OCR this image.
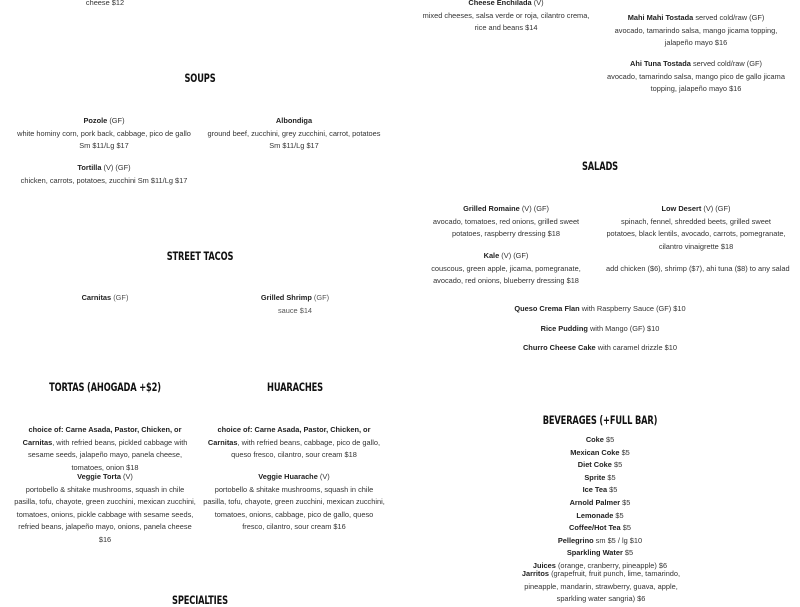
cheese $12	Cheese Enchilada (V)
mixed cheeses, salsa verde or roja, cilantro crema, rice and beans $14
Mahi Mahi Tostada served cold/raw (GF)
avocado, tamarindo salsa, mango jicama topping, jalapeño mayo $16
Ahi Tuna Tostada served cold/raw (GF)
avocado, tamarindo salsa, mango pico de gallo jicama topping, jalapeño mayo $16
SOUPS
Pozole (GF)
white hominy corn, pork back, cabbage, pico de gallo Sm $11/Lg $17
Albondiga
ground beef, zucchini, grey zucchini, carrot, potatoes Sm $11/Lg $17
Tortilla (V) (GF)
chicken, carrots, potatoes, zucchini Sm $11/Lg $17
STREET TACOS
Carnitas (GF)	Grilled Shrimp (GF)
sauce $14
TORTAS (AHOGADA +$2)
choice of: Carne Asada, Pastor, Chicken, or Carnitas, with refried beans, pickled cabbage with sesame seeds, jalapeño mayo, panela cheese, tomatoes, onion $18
Veggie Torta (V)
portobello & shitake mushrooms, squash in chile pasilla, tofu, chayote, green zucchini, mexican zucchini, tomatoes, onions, pickle cabbage with sesame seeds, refried beans, jalapeño mayo, onions, panela cheese $16
HUARACHES
choice of: Carne Asada, Pastor, Chicken, or Carnitas, with refried beans, cabbage, pico de gallo, queso fresco, cilantro, sour cream $18
Veggie Huarache (V)
portobello & shitake mushrooms, squash in chile pasilla, tofu, chayote, green zucchini, mexican zucchini, tomatoes, onions, cabbage, pico de gallo, queso fresco, cilantro, sour cream $16
SPECIALTIES
SALADS
Grilled Romaine (V) (GF)
avocado, tomatoes, red onions, grilled sweet potatoes, raspberry dressing $18
Low Desert (V) (GF)
spinach, fennel, shredded beets, grilled sweet potatoes, black lentils, avocado, carrots, pomegranate, cilantro vinaigrette $18
Kale (V) (GF)
couscous, green apple, jicama, pomegranate, avocado, red onions, blueberry dressing $18
add chicken ($6), shrimp ($7), ahi tuna ($8) to any salad
Queso Crema Flan with Raspberry Sauce (GF) $10
Rice Pudding with Mango (GF) $10
Churro Cheese Cake with caramel drizzle $10
BEVERAGES (+FULL BAR)
Coke $5
Mexican Coke $5
Diet Coke $5
Sprite $5
Ice Tea $5
Arnold Palmer $5
Lemonade $5
Coffee/Hot Tea $5
Pellegrino sm $5 / lg $10
Sparkling Water $5
Juices (orange, cranberry, pineapple) $6
Jarritos (grapefruit, fruit punch, lime, tamarindo, pineapple, mandarin, strawberry, guava, apple, sparkling water sangria) $6
